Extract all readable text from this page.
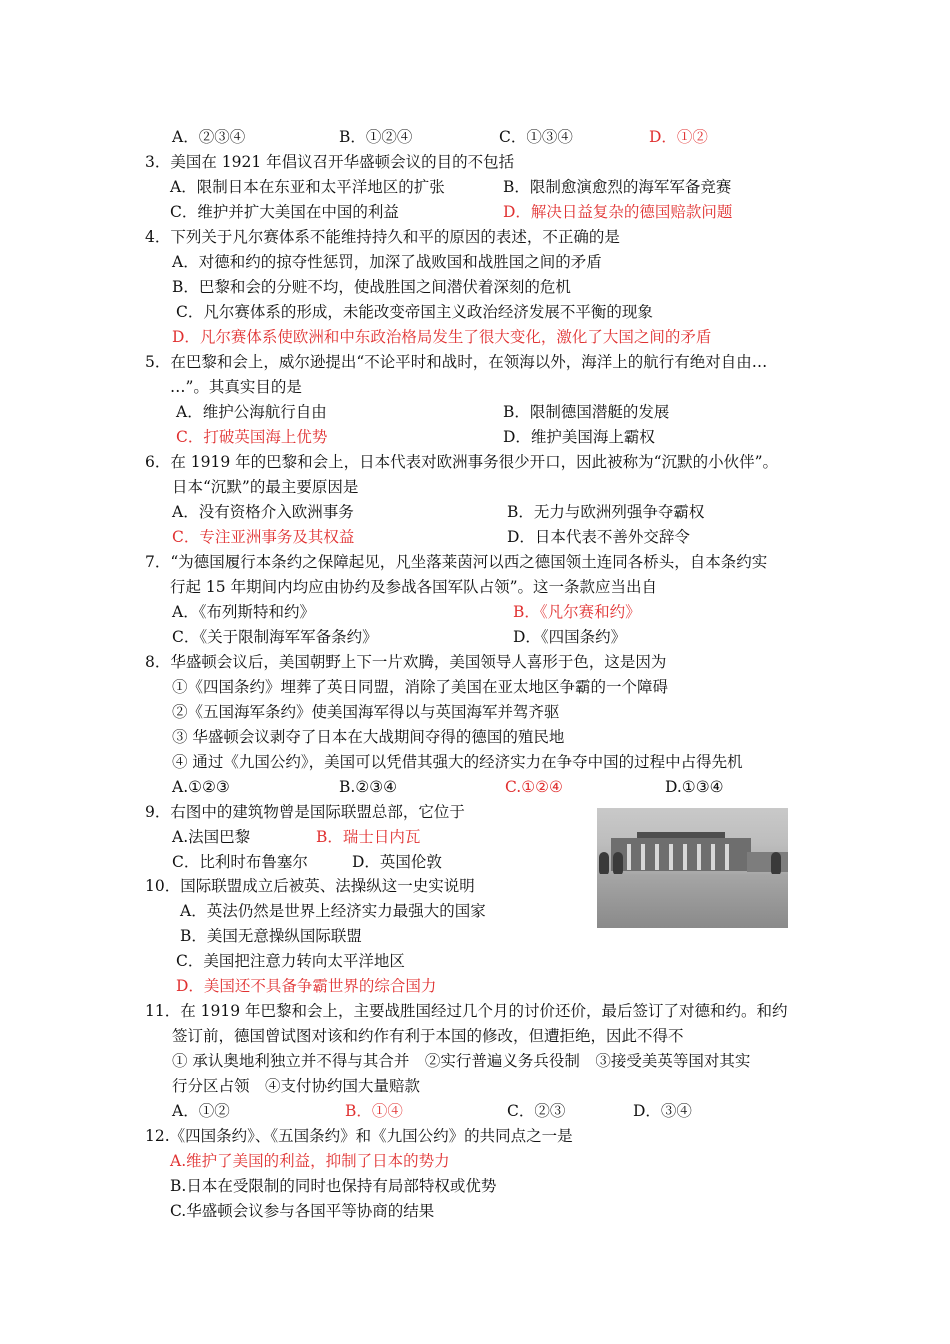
A．②③④	B．①②④	C．①③④	D．①②
3．美国在 1921 年倡议召开华盛顿会议的目的不包括
A．限制日本在东亚和太平洋地区的扩张	B．限制愈演愈烈的海军军备竞赛
C．维护并扩大美国在中国的利益	D．解决日益复杂的德国赔款问题
4．下列关于凡尔赛体系不能维持持久和平的原因的表述，不正确的是
A．对德和约的掠夺性惩罚，加深了战败国和战胜国之间的矛盾
B．巴黎和会的分赃不均，使战胜国之间潜伏着深刻的危机
C．凡尔赛体系的形成，未能改变帝国主义政治经济发展不平衡的现象
D．凡尔赛体系使欧洲和中东政治格局发生了很大变化，激化了大国之间的矛盾
5．在巴黎和会上，威尔逊提出“不论平时和战时，在领海以外，海洋上的航行有绝对自由…
…”。其真实目的是
A．维护公海航行自由	B．限制德国潜艇的发展
C．打破英国海上优势	D．维护美国海上霸权
6．在 1919 年的巴黎和会上，日本代表对欧洲事务很少开口，因此被称为“沉默的小伙伴”。
日本“沉默”的最主要原因是
A．没有资格介入欧洲事务	B．无力与欧洲列强争夺霸权
C．专注亚洲事务及其权益	D．日本代表不善外交辞令
7．“为德国履行本条约之保障起见，凡坐落莱茵河以西之德国领土连同各桥头，自本条约实
行起 15 年期间内均应由协约及参战各国军队占领”。这一条款应当出自
A．《布列斯特和约》	B．《凡尔赛和约》
C．《关于限制海军军备条约》	D．《四国条约》
8．华盛顿会议后，美国朝野上下一片欢腾，美国领导人喜形于色，这是因为
①《四国条约》埋葬了英日同盟，消除了美国在亚太地区争霸的一个障碍
②《五国海军条约》使美国海军得以与英国海军并驾齐驱
③ 华盛顿会议剥夺了日本在大战期间夺得的德国的殖民地
④ 通过《九国公约》，美国可以凭借其强大的经济实力在争夺中国的过程中占得先机
A.①②③	B.②③④	C.①②④	D.①③④
9．右图中的建筑物曾是国际联盟总部，它位于
A.法国巴黎	B．瑞士日内瓦
C．比利时布鲁塞尔	D．英国伦敦
10．国际联盟成立后被英、法操纵这一史实说明
A．英法仍然是世界上经济实力最强大的国家
B．美国无意操纵国际联盟
C．美国把注意力转向太平洋地区
D．美国还不具备争霸世界的综合国力
11．在 1919 年巴黎和会上，主要战胜国经过几个月的讨价还价，最后签订了对德和约。和约
签订前，德国曾试图对该和约作有利于本国的修改，但遭拒绝，因此不得不
① 承认奥地利独立并不得与其合并　②实行普遍义务兵役制　③接受美英等国对其实
行分区占领　④支付协约国大量赔款
A．①②	B．①④	C．②③	D．③④
12.《四国条约》、《五国条约》和《九国公约》的共同点之一是
A.维护了美国的利益，抑制了日本的势力
B.日本在受限制的同时也保持有局部特权或优势
C.华盛顿会议参与各国平等协商的结果
